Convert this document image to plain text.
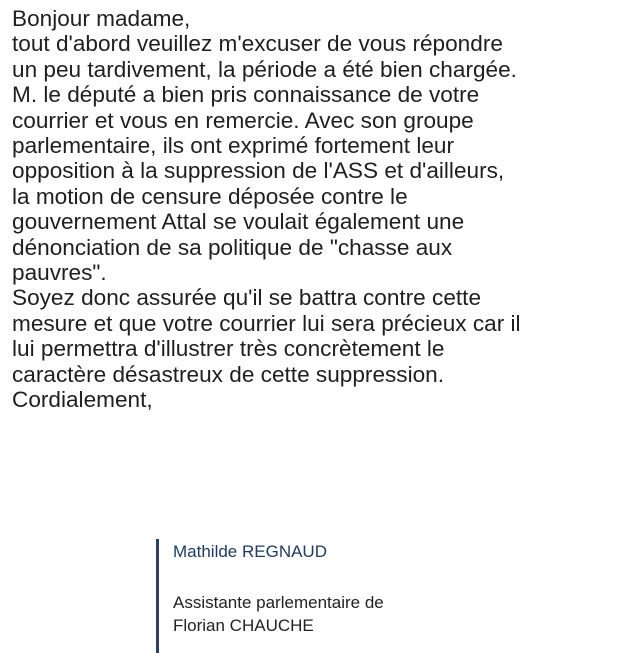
Bonjour madame,
tout d'abord veuillez m'excuser de vous répondre
un peu tardivement, la période a été bien chargée.
M. le député a bien pris connaissance de votre
courrier et vous en remercie. Avec son groupe
parlementaire, ils ont exprimé fortement leur
opposition à la suppression de l'ASS et d'ailleurs,
la motion de censure déposée contre le
gouvernement Attal se voulait également une
dénonciation de sa politique de "chasse aux
pauvres".
Soyez donc assurée qu'il se battra contre cette
mesure et que votre courrier lui sera précieux car il
lui permettra d'illustrer très concrètement le
caractère désastreux de cette suppression.
Cordialement,
Mathilde REGNAUD
Assistante parlementaire de
Florian CHAUCHE
